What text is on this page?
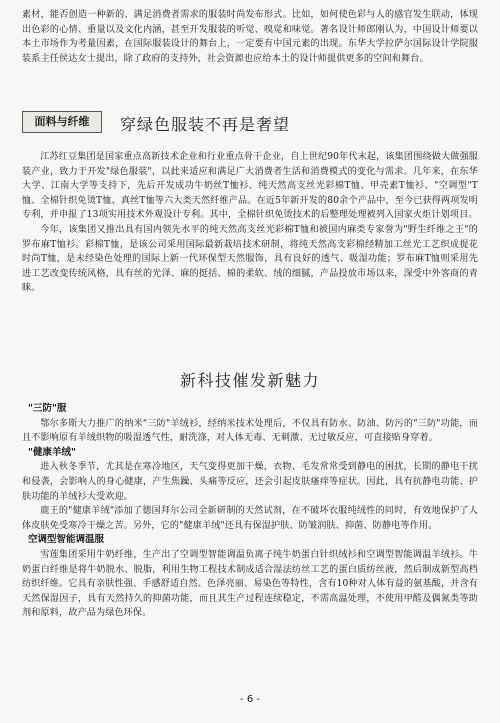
素材，能否创造一种新的、满足消费者需求的服装时尚发布形式。比如，如何使色彩与人的感官发生联动，体现出色彩的心情、重量以及文化内涵，甚至开发服装的听觉、嗅觉和味觉。著名设计师郎刚认为，中国设计师要以本土市场作为考量因素，在国际服装设计的舞台上，一定要有中国元素的出现。东华大学拉萨尔国际设计学院服装系主任侯达女士提出，除了政府的支持外，社会资源也应给本土的设计师提供更多的空间和舞台。

面料与纤维	穿绿色服装不再是奢望

江苏红豆集团是国家重点高新技术企业和行业重点骨干企业，自上世纪90年代末起，该集团围绕做大做强服装产业，致力于开发"绿色服装"，以此来适应和满足广大消费者生活和消费模式的变化与需求。几年来，在东华大学、江南大学等支持下，先后开发成功牛奶丝T恤衫、纯天然高支丝光彩棉T恤、甲壳素T恤衫、"空调型"T恤、全棉针织免烫T恤、真丝T恤等六大类天然纤维产品。在近5年新开发的80余个产品中，至今已获得两项发明专利，并申报了13项实用技术外观设计专利。其中，全棉针织免烫技术的后整理处理被列入国家火炬计划项目。

今年，该集团又推出具有国内领先水平的纯天然高支丝光彩棉T恤和被国内麻类专家誉为"野生纤维之王"的罗布麻T恤衫。彩棉T恤，是该公司采用国际最新栽培技术研制，将纯天然高支彩棉经精加工丝光工艺织成提花时尚T恤，是未经染色处理的国际上新一代环保型天然服饰，具有良好的透气、吸湿功能；罗布麻T恤则采用先进工艺改变传统风格，具有丝的光泽、麻的挺括、棉的柔软、绒的细腻，产品投放市场以来，深受中外客商的青睐。

新科技催发新魅力

"三防"服

鄂尔多斯大力推广的纳米"三防"羊绒衫，经纳米技术处理后，不仅具有防水、防油、防污的"三防"功能，而且不影响原有羊绒织物的吸湿透气性，耐洗涤，对人体无毒、无刺激、无过敏反应，可直接贴身穿着。

"健康羊绒"

进入秋冬季节，尤其是在寒冷地区，天气变得更加干燥，衣物、毛发常常受到静电的困扰，长期的静电干扰和侵袭，会影响人的身心健康，产生焦躁、头痛等反应，还会引起皮肤瘙痒等症状。因此，具有抗静电功能、护肤功能的羊绒衫大受欢迎。

鹿王的"健康羊绒"添加了德国拜尔公司全新研制的天然试剂，在不破坏衣服纯绒性的同时，有效地保护了人体皮肤免受寒冷干燥之苦。另外，它的"健康羊绒"还具有保湿护肤、防皱润肤、抑菌、防静电等作用。

空调型智能调温服

雪莲集团采用牛奶纤维，生产出了空调型智能调温负离子纯牛奶蛋白针织绒衫和空调型智能调温羊绒衫。牛奶蛋白纤维是将牛奶脱水、脱脂，利用生物工程技术制成适合湿法纺丝工艺的蛋白质纺丝液，然后制成新型高档纺织纤维。它具有亲肤性强、手感舒适自然、色泽亮丽、易染色等特性，含有10种对人体有益的氨基酸，并含有天然保湿因子，具有天然持久的抑菌功能，而且其生产过程连续稳定，不需高温处理，不使用甲醛及偶氮类等助剂和原料，故产品为绿色环保。

- 6 -
